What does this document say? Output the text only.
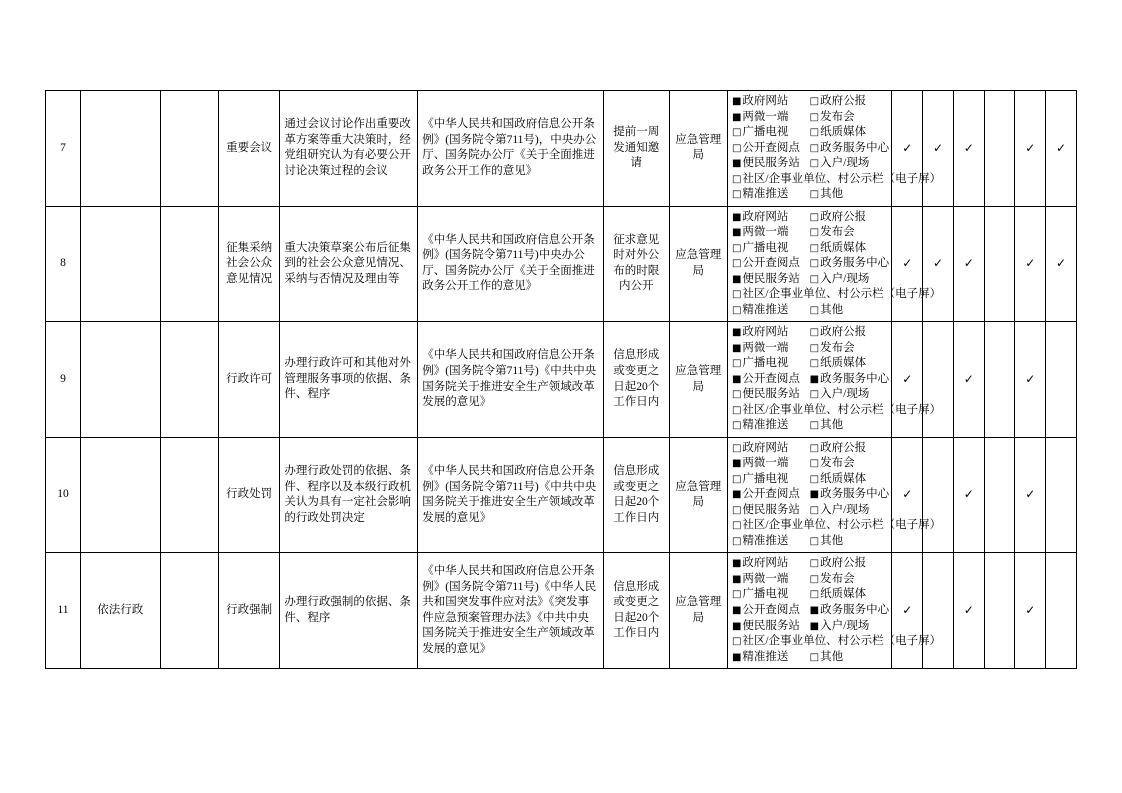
7			重要会议	通过会议讨论作出重要改革方案等重大决策时，经党组研究认为有必要公开讨论决策过程的会议	《中华人民共和国政府信息公开条例》(国务院令第711号)，中央办公厅、国务院办公厅《关于全面推进政务公开工作的意见》	提前一周发通知邀请	应急管理局	
■政府网站	□政府公报
■两微一端	□发布会
□广播电视	□纸质媒体
□公开查阅点 □政务服务中心
■便民服务站 □入户/现场
□社区/企事业单位、村公示栏（电子屏）
□精准推送	□其他
	✓	✓	✓		✓	✓
8			征集采纳社会公众意见情况	重大决策草案公布后征集到的社会公众意见情况、采纳与否情况及理由等	《中华人民共和国政府信息公开条例》(国务院令第711号)中央办公厅、国务院办公厅《关于全面推进政务公开工作的意见》	征求意见时对外公布的时限内公开	应急管理局	
■政府网站	□政府公报
■两微一端	□发布会
□广播电视	□纸质媒体
□公开查阅点 □政务服务中心
■便民服务站 □入户/现场
□社区/企事业单位、村公示栏（电子屏）
□精准推送	□其他
	✓	✓	✓		✓	✓
9			行政许可	办理行政许可和其他对外管理服务事项的依据、条件、程序	《中华人民共和国政府信息公开条例》(国务院令第711号)《中共中央 国务院关于推进安全生产领域改革发展的意见》	信息形成或变更之日起20个工作日内	应急管理局	
■政府网站	□政府公报
■两微一端	□发布会
□广播电视	□纸质媒体
■公开查阅点 ■政务服务中心
□便民服务站 □入户/现场
□社区/企事业单位、村公示栏（电子屏）
□精准推送	□其他
	✓		✓		✓	
10			行政处罚	办理行政处罚的依据、条件、程序以及本级行政机关认为具有一定社会影响的行政处罚决定	《中华人民共和国政府信息公开条例》(国务院令第711号)《中共中央 国务院关于推进安全生产领域改革发展的意见》	信息形成或变更之日起20个工作日内	应急管理局	
□政府网站	□政府公报
■两微一端	□发布会
□广播电视	□纸质媒体
■公开查阅点 ■政务服务中心
□便民服务站 □入户/现场
□社区/企事业单位、村公示栏（电子屏）
□精准推送	□其他
	✓		✓		✓	
11	依法行政		行政强制	办理行政强制的依据、条件、程序	《中华人民共和国政府信息公开条例》(国务院令第711号)《中华人民共和国突发事件应对法》《突发事件应急预案管理办法》《中共中央 国务院关于推进安全生产领域改革发展的意见》	信息形成或变更之日起20个工作日内	应急管理局	
■政府网站	□政府公报
■两微一端	□发布会
□广播电视	□纸质媒体
■公开查阅点 ■政务服务中心
■便民服务站 ■入户/现场
□社区/企事业单位、村公示栏（电子屏）
■精准推送	□其他
	✓		✓		✓	
